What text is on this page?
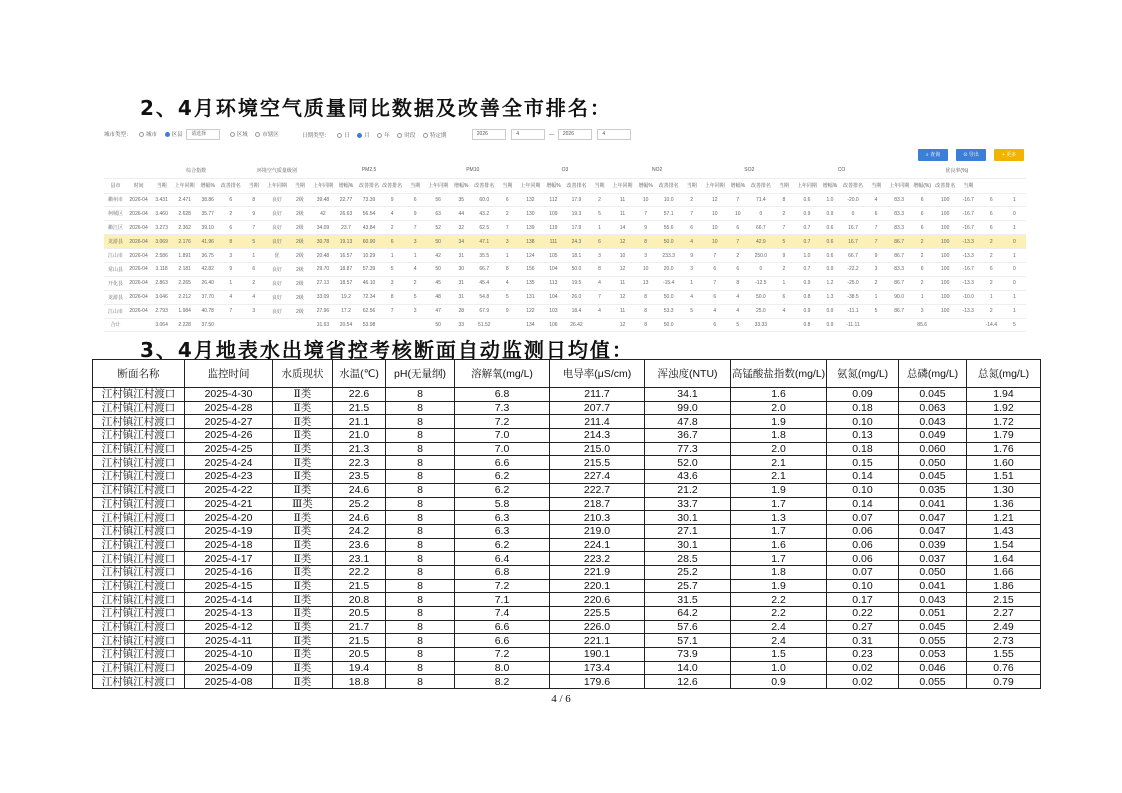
2、4月环境空气质量同比数据及改善全市排名：
城市类型：	城市	区县 请选择	区域	市辖区	日期类型：	日	月	年	时段	特定期	2026	4	— 2026	4
⌕ 查询	⊙ 导出	+ 更多
		综合指数				环境空气质量级别			PM2.5					PM10				O3				NO2				SO2				CO				优良率(%)					
县市	时间	当期	上年同期	增幅%	改善排名	当期	上年同期	当期	上年同期	增幅%	改善排名	改善排名	当期	上年同期	增幅%	改善排名	当期	上年同期	增幅%	改善排名	当期	上年同期	增幅%	改善排名	当期	上年同期	增幅%	改善排名	当期	上年同期	增幅%	改善排名	当期	上年同期	增幅(%)	改善排名	当期		
衢州市	2026-04	3.431	2.471	38.86	6	8	良好	2级	39.48	22.77	73.39	9	6	56	35	60.0	6	132	112	17.9	2	11	10	10.0	2	12	7	71.4	8	0.6	1.0	-20.0	4	83.3	6	100	-16.7	6	1
柯城区	2026-04	3.460	2.628	35.77	2	9	良好	2级	42	26.63	56.54	4	9	63	44	43.2	2	130	109	19.3	5	11	7	57.1	7	10	10	0	2	0.9	0.9	0	6	83.3	6	100	-16.7	6	0
衢江区	2026-04	3.273	2.362	39.10	6	7	良好	2级	34.09	23.7	43.84	2	7	52	32	62.5	7	139	119	17.9	1	14	9	55.6	6	10	6	66.7	7	0.7	0.6	16.7	7	83.3	6	100	-16.7	6	1
龙游县	2026-04	3.069	2.176	41.96	8	5	良好	2级	30.78	19.13	60.90	6	3	50	34	47.1	3	138	111	24.3	6	12	8	50.0	4	10	7	42.9	5	0.7	0.6	16.7	7	86.7	2	100	-13.3	2	0
江山市	2026-04	2.586	1.891	36.75	3	1	优	2级	20.48	16.57	10.29	1	1	42	31	35.5	1	124	105	18.1	3	10	3	233.3	9	7	2	250.0	9	1.0	0.6	66.7	9	86.7	2	100	-13.3	2	1
常山县	2026-04	3.118	2.181	42.82	9	6	良好	2级	29.70	18.87	57.39	5	4	50	30	66.7	8	156	104	50.0	8	12	10	20.0	3	6	6	0	2	0.7	0.9	-22.2	3	83.3	6	100	-16.7	6	0
开化县	2026-04	2.863	2.265	26.40	1	2	良好	2级	27.13	18.57	46.10	3	2	45	31	45.4	4	135	113	19.5	4	11	13	-15.4	1	7	8	-12.5	1	0.9	1.2	-25.0	2	86.7	2	100	-13.3	2	0
龙游县	2026-04	3.046	2.212	37.70	4	4	良好	2级	33.09	19.2	72.34	8	5	48	31	54.8	5	131	104	26.0	7	12	8	50.0	4	6	4	50.0	6	0.8	1.3	-38.5	1	90.0	1	100	-10.0	1	1
江山市	2026-04	2.793	1.984	40.78	7	3	良好	2级	27.96	17.2	62.56	7	3	47	28	67.9	9	122	103	18.4	4	11	8	53.3	5	4	4	25.0	4	0.9	0.9	-11.1	5	86.7	3	100	-13.3	2	1
合计		3.064	2.228	37.50					31.63	20.54	53.98			50	33	51.52		134	106	26.42		12	8	50.0		6	5	33.33		0.8	0.9	-11.11			85.6			-14.4	5
3、4月地表水出境省控考核断面自动监测日均值：
断面名称	监控时间	水质现状	水温(℃)	pH(无量纲)	溶解氧(mg/L)	电导率(μS/cm)	浑浊度(NTU)	高锰酸盐指数(mg/L)	氨氮(mg/L)	总磷(mg/L)	总氮(mg/L)
江村镇江村渡口	2025-4-30	Ⅱ类	22.6	8	6.8	211.7	34.1	1.6	0.09	0.045	1.94
江村镇江村渡口	2025-4-28	Ⅱ类	21.5	8	7.3	207.7	99.0	2.0	0.18	0.063	1.92
江村镇江村渡口	2025-4-27	Ⅱ类	21.1	8	7.2	211.4	47.8	1.9	0.10	0.043	1.72
江村镇江村渡口	2025-4-26	Ⅱ类	21.0	8	7.0	214.3	36.7	1.8	0.13	0.049	1.79
江村镇江村渡口	2025-4-25	Ⅱ类	21.3	8	7.0	215.0	77.3	2.0	0.18	0.060	1.76
江村镇江村渡口	2025-4-24	Ⅱ类	22.3	8	6.6	215.5	52.0	2.1	0.15	0.050	1.60
江村镇江村渡口	2025-4-23	Ⅱ类	23.5	8	6.2	227.4	43.6	2.1	0.14	0.045	1.51
江村镇江村渡口	2025-4-22	Ⅱ类	24.6	8	6.2	222.7	21.2	1.9	0.10	0.035	1.30
江村镇江村渡口	2025-4-21	Ⅲ类	25.2	8	5.8	218.7	33.7	1.7	0.14	0.041	1.36
江村镇江村渡口	2025-4-20	Ⅱ类	24.6	8	6.3	210.3	30.1	1.3	0.07	0.047	1.21
江村镇江村渡口	2025-4-19	Ⅱ类	24.2	8	6.3	219.0	27.1	1.7	0.06	0.047	1.43
江村镇江村渡口	2025-4-18	Ⅱ类	23.6	8	6.2	224.1	30.1	1.6	0.06	0.039	1.54
江村镇江村渡口	2025-4-17	Ⅱ类	23.1	8	6.4	223.2	28.5	1.7	0.06	0.037	1.64
江村镇江村渡口	2025-4-16	Ⅱ类	22.2	8	6.8	221.9	25.2	1.8	0.07	0.050	1.66
江村镇江村渡口	2025-4-15	Ⅱ类	21.5	8	7.2	220.1	25.7	1.9	0.10	0.041	1.86
江村镇江村渡口	2025-4-14	Ⅱ类	20.8	8	7.1	220.6	31.5	2.2	0.17	0.043	2.15
江村镇江村渡口	2025-4-13	Ⅱ类	20.5	8	7.4	225.5	64.2	2.2	0.22	0.051	2.27
江村镇江村渡口	2025-4-12	Ⅱ类	21.7	8	6.6	226.0	57.6	2.4	0.27	0.045	2.49
江村镇江村渡口	2025-4-11	Ⅱ类	21.5	8	6.6	221.1	57.1	2.4	0.31	0.055	2.73
江村镇江村渡口	2025-4-10	Ⅱ类	20.5	8	7.2	190.1	73.9	1.5	0.23	0.053	1.55
江村镇江村渡口	2025-4-09	Ⅱ类	19.4	8	8.0	173.4	14.0	1.0	0.02	0.046	0.76
江村镇江村渡口	2025-4-08	Ⅱ类	18.8	8	8.2	179.6	12.6	0.9	0.02	0.055	0.79
4 / 6
